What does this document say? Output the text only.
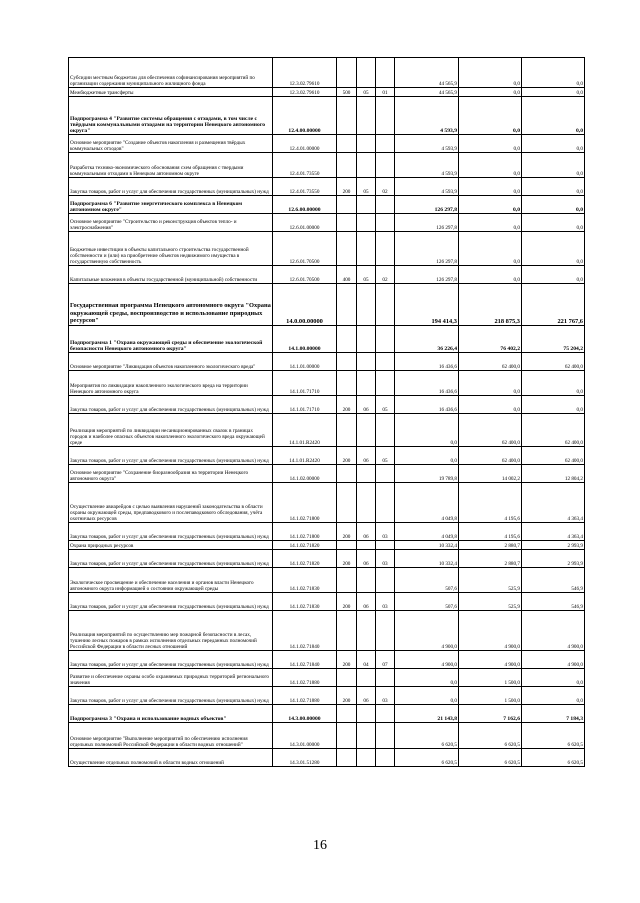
Субсидии местным бюджетам для обеспечения софинансирования мероприятий по организации содержания муниципального жилищного фонда	12.3.02.79610				44 565,9	0,0	0,0
Межбюджетные трансферты	12.3.02.79610	500	05	01	44 565,9	0,0	0,0
Подпрограмма 4 "Развитие системы обращения с отходами, в том числе с твёрдыми коммунальными отходами на территории Ненецкого автономного округа"	12.4.00.00000				4 593,9	0,0	0,0
Основное мероприятие "Создание объектов накопления и размещения твёрдых коммунальных отходов"	12.4.01.00000				4 593,9	0,0	0,0
Разработка технико-экономического обоснования схем обращения с твердыми коммунальными отходами в Ненецком автономном округе	12.4.01.73550				4 593,9	0,0	0,0
Закупка товаров, работ и услуг для обеспечения государственных (муниципальных) нужд	12.4.01.73550	200	05	02	4 593,9	0,0	0,0
Подпрограмма 6 "Развитие энергетического комплекса в Ненецком автономном округе"	12.6.00.00000				126 297,8	0,0	0,0
Основное мероприятие "Строительство и реконструкция объектов тепло- и электроснабжения"	12.6.01.00000				126 297,8	0,0	0,0
Бюджетные инвестиции в объекты капитального строительства государственной собственности и (или) на приобретение объектов недвижимого имущества в государственную собственность	12.6.01.70500				126 297,8	0,0	0,0
Капитальные вложения в объекты государственной (муниципальной) собственности	12.6.01.70500	400	05	02	126 297,8	0,0	0,0
Государственная программа Ненецкого автономного округа "Охрана окружающей среды, воспроизводство и использование природных ресурсов"	14.0.00.00000				194 414,3	218 875,3	221 767,6
Подпрограмма 1 "Охрана окружающей среды и обеспечение экологической безопасности Ненецкого автономного округа"	14.1.00.00000				36 226,4	76 402,2	75 204,2
Основное мероприятие "Ликвидация объектов накопленного экологического вреда"	14.1.01.00000				16 436,6	62 400,0	62 400,0
Мероприятия по ликвидации накопленного экологического вреда на территории Ненецкого автономного округа	14.1.01.71710				16 436,6	0,0	0,0
Закупка товаров, работ и услуг для обеспечения государственных (муниципальных) нужд	14.1.01.71710	200	06	05	16 436,6	0,0	0,0
Реализация мероприятий по ликвидации несанкционированных свалок в границах городов и наиболее опасных объектов накопленного экологического вреда окружающей среде	14.1.01.R2420				0,0	62 400,0	62 400,0
Закупка товаров, работ и услуг для обеспечения государственных (муниципальных) нужд	14.1.01.R2420	200	06	05	0,0	62 400,0	62 400,0
Основное мероприятие "Сохранение биоразнообразия на территории Ненецкого автономного округа"	14.1.02.00000				19 789,8	14 002,2	12 804,2
Осуществление авиарейдов с целью выявления нарушений законодательства в области охраны окружающей среды, предпаводкового и послепаводкового обследования, учёта охотничьих ресурсов	14.1.02.71800				4 049,8	4 195,6	4 363,4
Закупка товаров, работ и услуг для обеспечения государственных (муниципальных) нужд	14.1.02.71800	200	06	03	4 049,8	4 195,6	4 363,4
Охрана природных ресурсов	14.1.02.71820				10 332,4	2 880,7	2 993,9
Закупка товаров, работ и услуг для обеспечения государственных (муниципальных) нужд	14.1.02.71820	200	06	03	10 332,4	2 880,7	2 993,9
Экологическое просвещение и обеспечение населения и органов власти Ненецкого автономного округа информацией о состоянии окружающей среды	14.1.02.71830				507,6	525,9	546,9
Закупка товаров, работ и услуг для обеспечения государственных (муниципальных) нужд	14.1.02.71830	200	06	03	507,6	525,9	546,9
Реализация мероприятий по осуществлению мер пожарной безопасности в лесах, тушению лесных пожаров в рамках исполнения отдельных переданных полномочий Российской Федерации в области лесных отношений	14.1.02.71840				4 900,0	4 900,0	4 900,0
Закупка товаров, работ и услуг для обеспечения государственных (муниципальных) нужд	14.1.02.71840	200	04	07	4 900,0	4 900,0	4 900,0
Развитие и обеспечение охраны особо охраняемых природных территорий регионального значения	14.1.02.71880				0,0	1 500,0	0,0
Закупка товаров, работ и услуг для обеспечения государственных (муниципальных) нужд	14.1.02.71880	200	06	03	0,0	1 500,0	0,0
Подпрограмма 3 "Охрана и использование водных объектов"	14.3.00.00000				21 143,8	7 162,6	7 184,3
Основное мероприятие "Выполнение мероприятий по обеспечению исполнения отдельных полномочий Российской Федерации в области водных отношений"	14.3.01.00000				6 620,5	6 620,5	6 620,5
Осуществление отдельных полномочий в области водных отношений	14.3.01.51280				6 620,5	6 620,5	6 620,5
16
